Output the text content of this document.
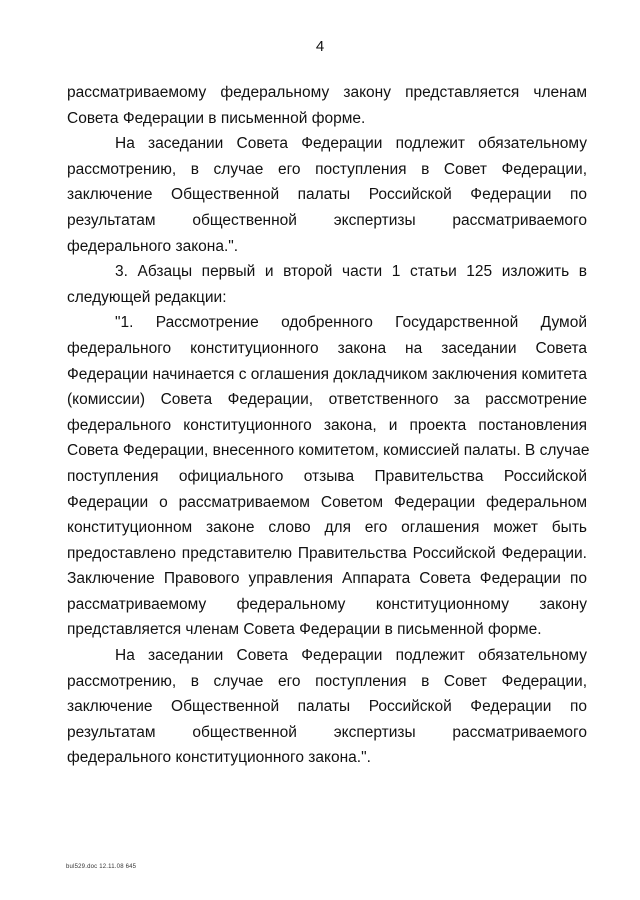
4
рассматриваемому федеральному закону представляется членам
Совета Федерации в письменной форме.
На заседании Совета Федерации подлежит обязательному
рассмотрению, в случае его поступления в Совет Федерации,
заключение Общественной палаты Российской Федерации по
результатам общественной экспертизы рассматриваемого
федерального закона.".
3. Абзацы первый и второй части 1 статьи 125 изложить в
следующей редакции:
"1. Рассмотрение одобренного Государственной Думой
федерального конституционного закона на заседании Совета
Федерации начинается с оглашения докладчиком заключения комитета
(комиссии) Совета Федерации, ответственного за рассмотрение
федерального конституционного закона, и проекта постановления
Совета Федерации, внесенного комитетом, комиссией палаты. В случае
поступления официального отзыва Правительства Российской
Федерации о рассматриваемом Советом Федерации федеральном
конституционном законе слово для его оглашения может быть
предоставлено представителю Правительства Российской Федерации.
Заключение Правового управления Аппарата Совета Федерации по
рассматриваемому федеральному конституционному закону
представляется членам Совета Федерации в письменной форме.
На заседании Совета Федерации подлежит обязательному
рассмотрению, в случае его поступления в Совет Федерации,
заключение Общественной палаты Российской Федерации по
результатам общественной экспертизы рассматриваемого
федерального конституционного закона.".
bul529.doc 12.11.08 645
